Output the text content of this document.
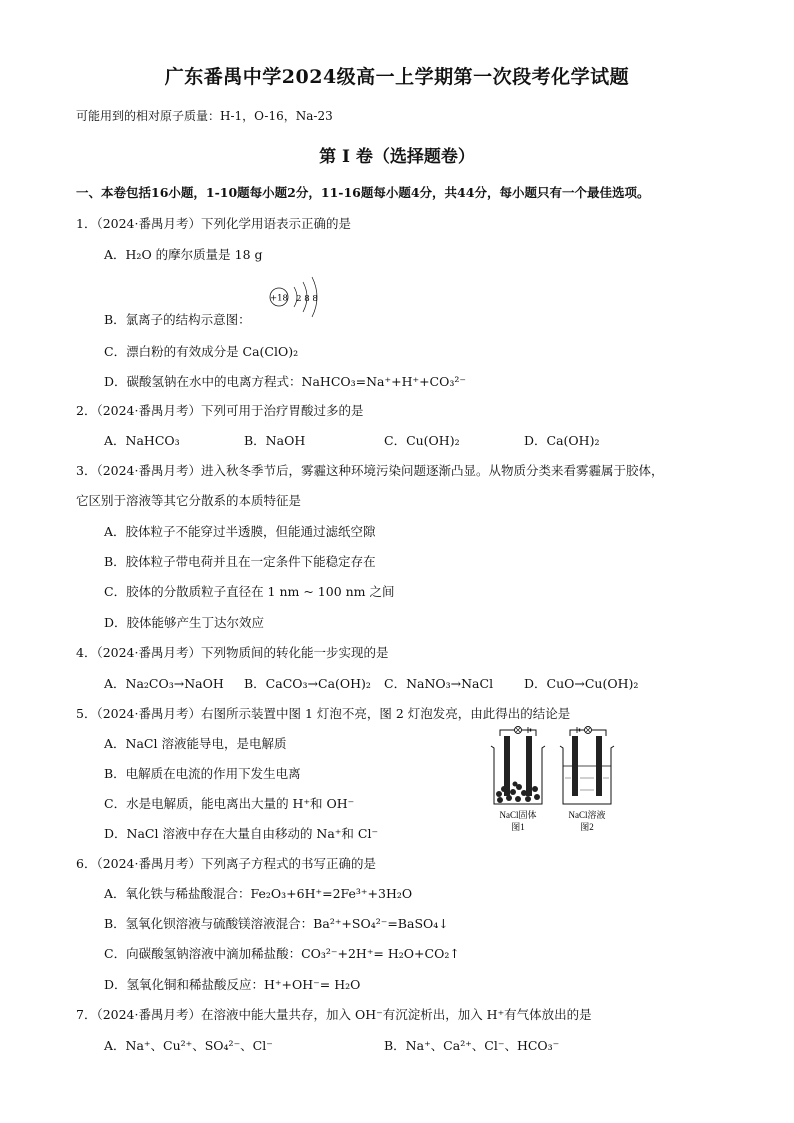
广东番禺中学2024级高一上学期第一次段考化学试题
可能用到的相对原子质量：H-1，O-16，Na-23
第 I 卷（选择题卷）
一、本卷包括16小题，1-10题每小题2分，11-16题每小题4分，共44分，每小题只有一个最佳选项。
1．（2024·番禺月考）下列化学用语表示正确的是
A．H₂O 的摩尔质量是 18 g
B．氯离子的结构示意图：
+18 2 8 8
C．漂白粉的有效成分是 Ca(ClO)₂
D．碳酸氢钠在水中的电离方程式：NaHCO₃=Na⁺+H⁺+CO₃²⁻
2．（2024·番禺月考）下列可用于治疗胃酸过多的是
A．NaHCO₃	B．NaOH	C．Cu(OH)₂	D．Ca(OH)₂
3．（2024·番禺月考）进入秋冬季节后，雾霾这种环境污染问题逐渐凸显。从物质分类来看雾霾属于胶体，
它区别于溶液等其它分散系的本质特征是
A．胶体粒子不能穿过半透膜，但能通过滤纸空隙
B．胶体粒子带电荷并且在一定条件下能稳定存在
C．胶体的分散质粒子直径在 1 nm ~ 100 nm 之间
D．胶体能够产生丁达尔效应
4．（2024·番禺月考）下列物质间的转化能一步实现的是
A．Na₂CO₃→NaOH B．CaCO₃→Ca(OH)₂ C．NaNO₃→NaCl D．CuO→Cu(OH)₂
5．（2024·番禺月考）右图所示装置中图 1 灯泡不亮，图 2 灯泡发亮，由此得出的结论是
A．NaCl 溶液能导电，是电解质
B．电解质在电流的作用下发生电离
C．水是电解质，能电离出大量的 H⁺和 OH⁻
D．NaCl 溶液中存在大量自由移动的 Na⁺和 Cl⁻
NaCl固体
图1
NaCl溶液
图2
6．（2024·番禺月考）下列离子方程式的书写正确的是
A．氧化铁与稀盐酸混合：Fe₂O₃+6H⁺=2Fe³⁺+3H₂O
B．氢氧化钡溶液与硫酸镁溶液混合：Ba²⁺+SO₄²⁻=BaSO₄↓
C．向碳酸氢钠溶液中滴加稀盐酸：CO₃²⁻+2H⁺= H₂O+CO₂↑
D．氢氧化铜和稀盐酸反应：H⁺+OH⁻= H₂O
7．（2024·番禺月考）在溶液中能大量共存，加入 OH⁻有沉淀析出，加入 H⁺有气体放出的是
A．Na⁺、Cu²⁺、SO₄²⁻、Cl⁻	B．Na⁺、Ca²⁺、Cl⁻、HCO₃⁻
